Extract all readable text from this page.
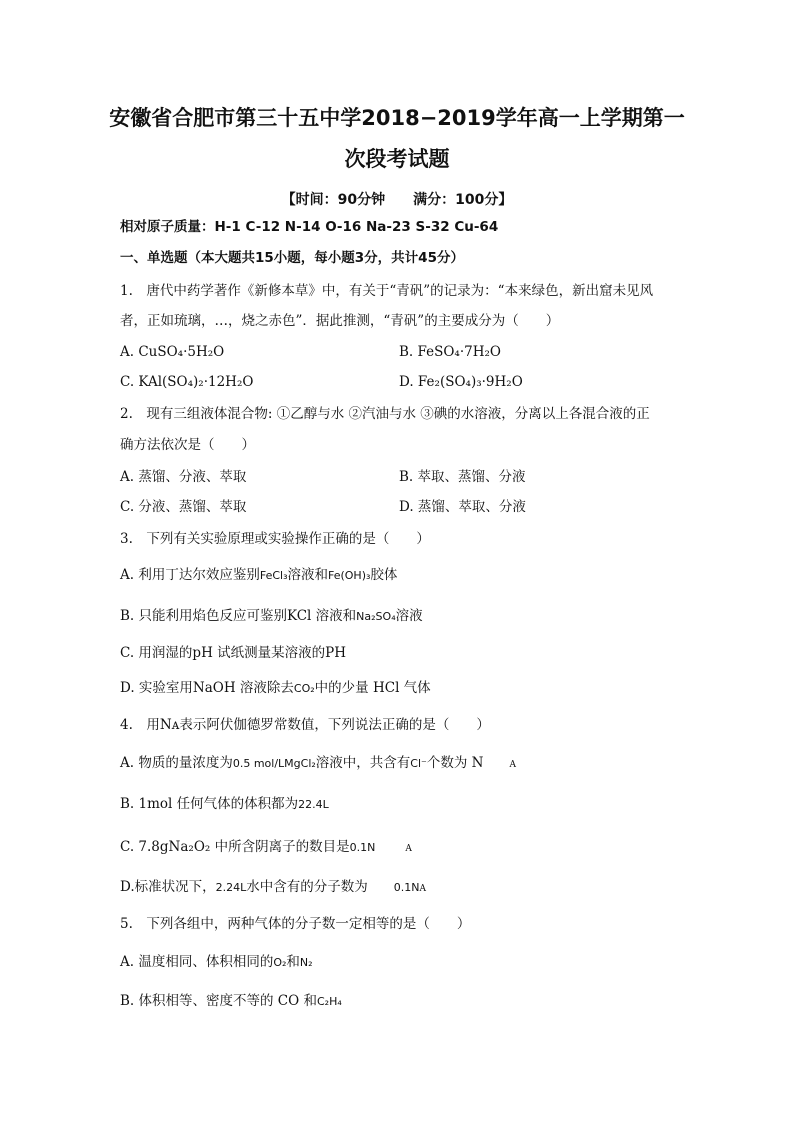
安徽省合肥市第三十五中学2018−2019学年高一上学期第一
次段考试题
【时间：90分钟　　满分：100分】
相对原子质量：H-1 C-12 N-14 O-16 Na-23 S-32 Cu-64
一、单选题（本大题共15小题，每小题3分，共计45分）
1.　唐代中药学著作《新修本草》中，有关于“青矾”的记录为：“本来绿色，新出窟未见风
者，正如琉璃，…，烧之赤色”．据此推测，“青矾”的主要成分为（　　）
A. CuSO₄·5H₂O	B. FeSO₄·7H₂O
C. KAl(SO₄)₂·12H₂O	D. Fe₂(SO₄)₃·9H₂O
2.　现有三组液体混合物: ①乙醇与水 ②汽油与水 ③碘的水溶液，分离以上各混合液的正
确方法依次是（　　）
A. 蒸馏、分液、萃取	B. 萃取、蒸馏、分液
C. 分液、蒸馏、萃取	D. 蒸馏、萃取、分液
3.　下列有关实验原理或实验操作正确的是（　　）
A. 利用丁达尔效应鉴别FeCl₃溶液和Fe(OH)₃胶体
B. 只能利用焰色反应可鉴别KCl 溶液和Na₂SO₄溶液
C. 用润湿的pH 试纸测量某溶液的PH
D. 实验室用NaOH 溶液除去CO₂中的少量 HCl 气体
4.　用Nᴀ表示阿伏伽德罗常数值，下列说法正确的是（　　）
A. 物质的量浓度为0.5 mol/LMgCl₂溶液中，共含有Cl⁻个数为 N	A
B. 1mol 任何气体的体积都为22.4L
C. 7.8gNa₂O₂ 中所含阴离子的数目是0.1N	A
D.标准状况下，2.24L水中含有的分子数为 0.1NA
5.　下列各组中，两种气体的分子数一定相等的是（　　）
A. 温度相同、体积相同的O₂和N₂
B. 体积相等、密度不等的 CO 和C₂H₄
